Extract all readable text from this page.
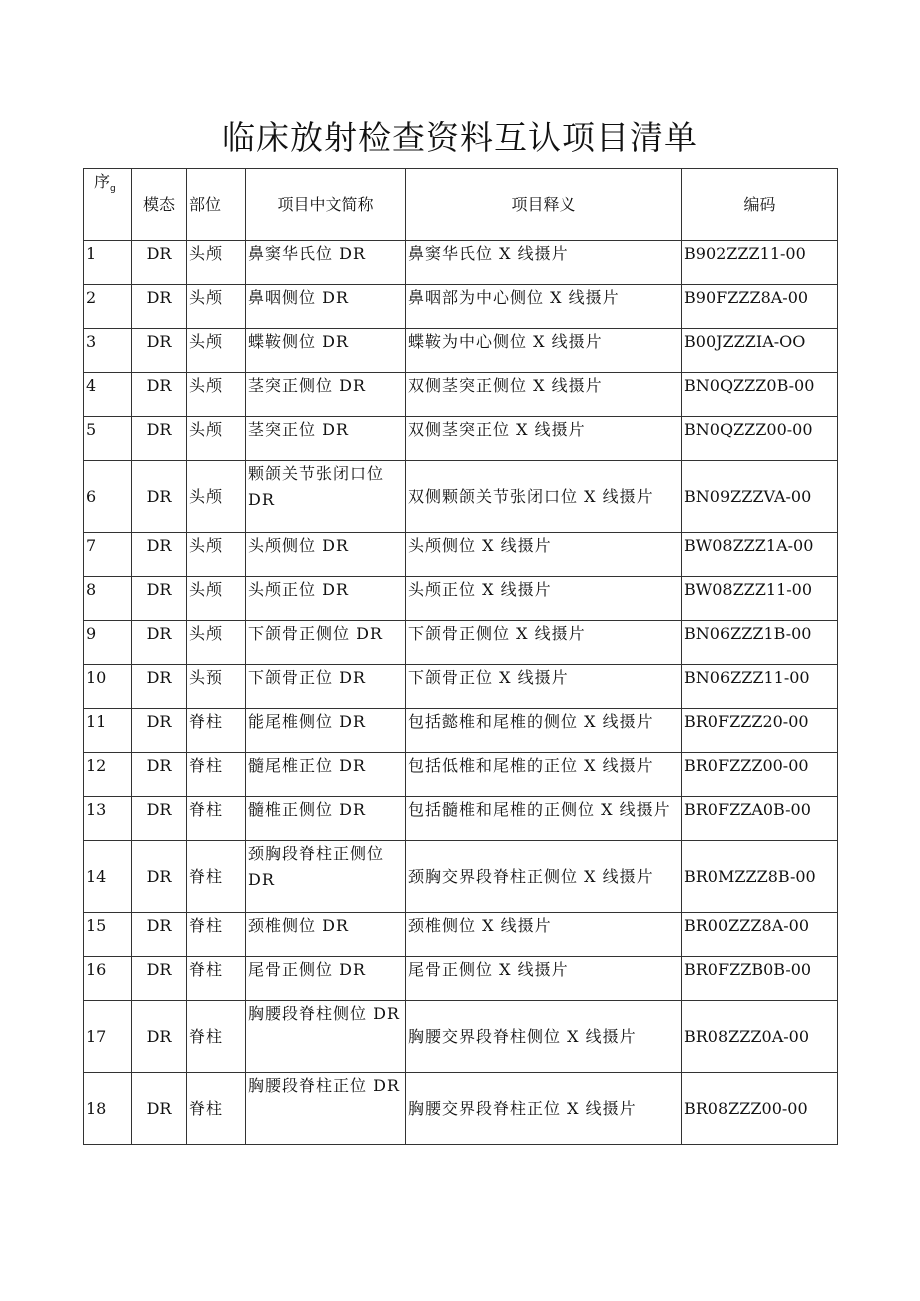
临床放射检查资料互认项目清单
序$_g$	模态	部位	项目中文简称	项目释义	编码
1	DR	头颅	鼻窦华氏位 DR	鼻窦华氏位 X 线摄片	B902ZZZ11-00
2	DR	头颅	鼻咽侧位 DR	鼻咽部为中心侧位 X 线摄片	B90FZZZ8A-00
3	DR	头颅	蝶鞍侧位 DR	蝶鞍为中心侧位 X 线摄片	B00JZZZIA-OO
4	DR	头颅	茎突正侧位 DR	双侧茎突正侧位 X 线摄片	BN0QZZZ0B-00
5	DR	头颅	茎突正位 DR	双侧茎突正位 X 线摄片	BN0QZZZ00-00
6	DR	头颅	颗颌关节张闭口位 DR	双侧颗颌关节张闭口位 X 线摄片	BN09ZZZVA-00
7	DR	头颅	头颅侧位 DR	头颅侧位 X 线摄片	BW08ZZZ1A-00
8	DR	头颅	头颅正位 DR	头颅正位 X 线摄片	BW08ZZZ11-00
9	DR	头颅	下颌骨正侧位 DR	下颌骨正侧位 X 线摄片	BN06ZZZ1B-00
10	DR	头预	下颌骨正位 DR	下颌骨正位 X 线摄片	BN06ZZZ11-00
11	DR	脊柱	能尾椎侧位 DR	包括懿椎和尾椎的侧位 X 线摄片	BR0FZZZ20-00
12	DR	脊柱	髓尾椎正位 DR	包括低椎和尾椎的正位 X 线摄片	BR0FZZZ00-00
13	DR	脊柱	髓椎正侧位 DR	包括髓椎和尾椎的正侧位 X 线摄片	BR0FZZA0B-00
14	DR	脊柱	颈胸段脊柱正侧位 DR	颈胸交界段脊柱正侧位 X 线摄片	BR0MZZZ8B-00
15	DR	脊柱	颈椎侧位 DR	颈椎侧位 X 线摄片	BR00ZZZ8A-00
16	DR	脊柱	尾骨正侧位 DR	尾骨正侧位 X 线摄片	BR0FZZB0B-00
17	DR	脊柱	胸腰段脊柱侧位 DR	胸腰交界段脊柱侧位 X 线摄片	BR08ZZZ0A-00
18	DR	脊柱	胸腰段脊柱正位 DR	胸腰交界段脊柱正位 X 线摄片	BR08ZZZ00-00
